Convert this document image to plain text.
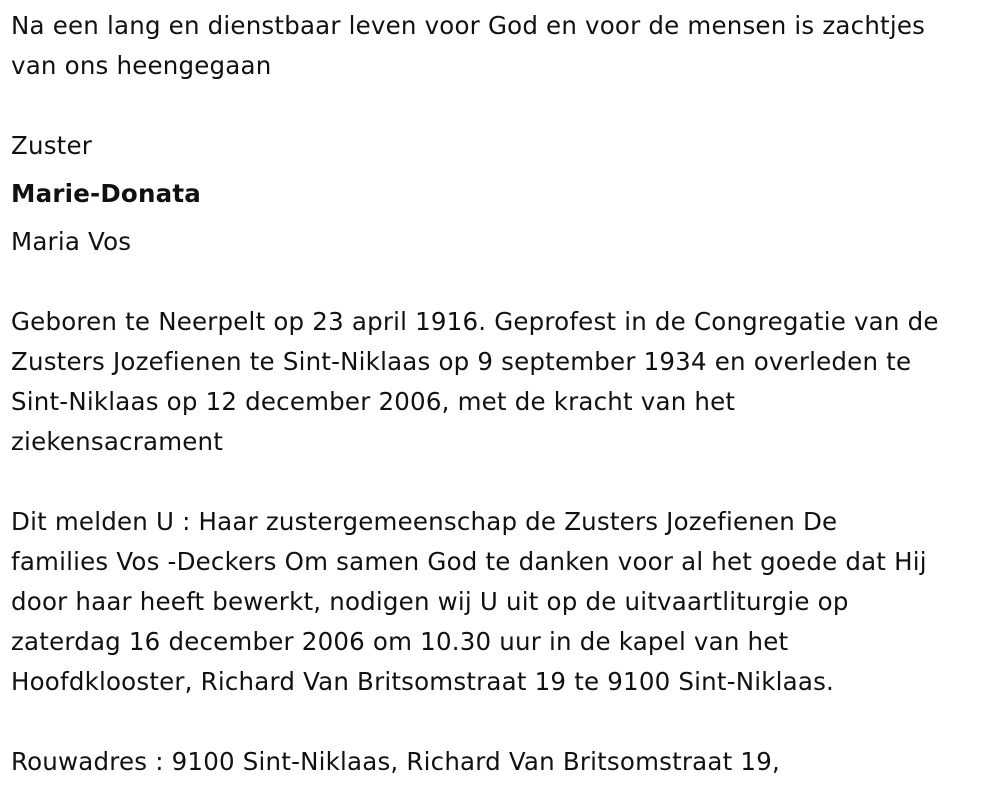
Na een lang en dienstbaar leven voor God en voor de mensen is zachtjes
van ons heengegaan

Zuster

Marie-Donata

Maria Vos

Geboren te Neerpelt op 23 april 1916. Geprofest in de Congregatie van de
Zusters Jozefienen te Sint-Niklaas op 9 september 1934 en overleden te
Sint-Niklaas op 12 december 2006, met de kracht van het
ziekensacrament

Dit melden U : Haar zustergemeenschap de Zusters Jozefienen De
families Vos -Deckers Om samen God te danken voor al het goede dat Hij
door haar heeft bewerkt, nodigen wij U uit op de uitvaartliturgie op
zaterdag 16 december 2006 om 10.30 uur in de kapel van het
Hoofdklooster, Richard Van Britsomstraat 19 te 9100 Sint-Niklaas.

Rouwadres : 9100 Sint-Niklaas, Richard Van Britsomstraat 19,
